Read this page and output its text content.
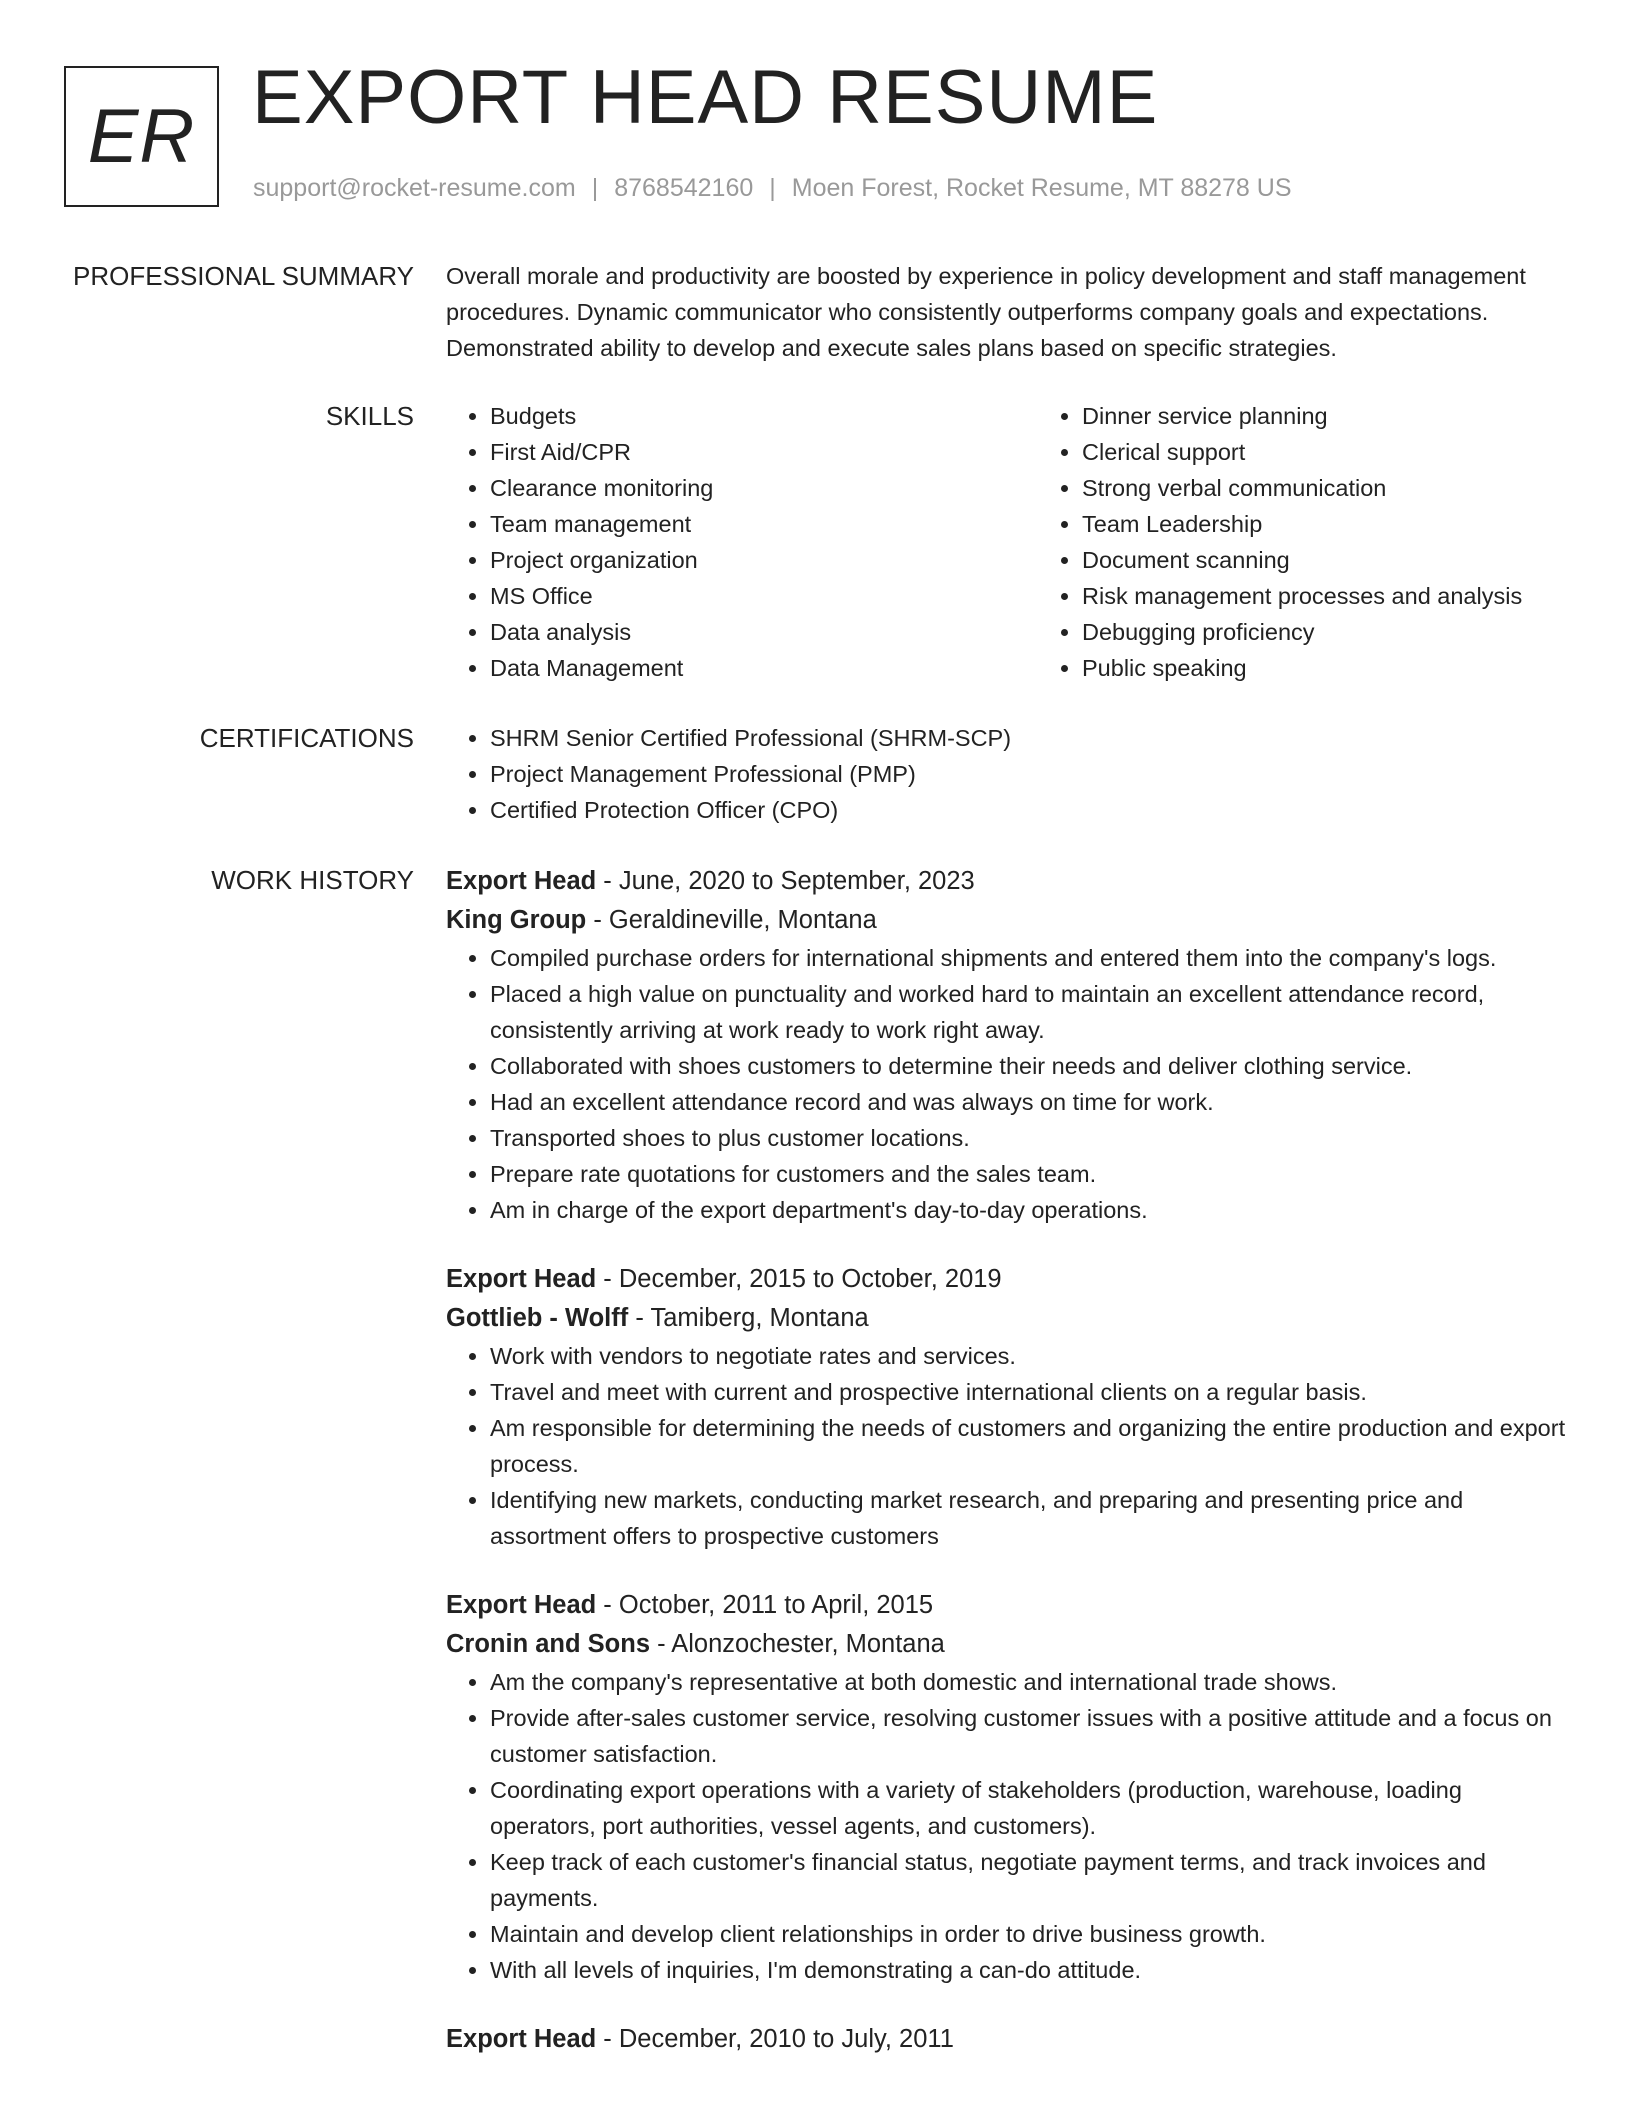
ER EXPORT HEAD RESUME
support@rocket-resume.com | 8768542160 | Moen Forest, Rocket Resume, MT 88278 US
PROFESSIONAL SUMMARY Overall morale and productivity are boosted by experience in policy development and staff management procedures. Dynamic communicator who consistently outperforms company goals and expectations. Demonstrated ability to develop and execute sales plans based on specific strategies.
SKILLS	• Budgets
• First Aid/CPR
• Clearance monitoring
• Team management
• Project organization
• MS Office
• Data analysis
• Data Management
• Dinner service planning
• Clerical support
• Strong verbal communication
• Team Leadership
• Document scanning
• Risk management processes and analysis
• Debugging proficiency
• Public speaking
CERTIFICATIONS	• SHRM Senior Certified Professional (SHRM-SCP)
• Project Management Professional (PMP)
• Certified Protection Officer (CPO)
WORK HISTORY Export Head - June, 2020 to September, 2023
King Group - Geraldineville, Montana
• Compiled purchase orders for international shipments and entered them into the company's logs.
• Placed a high value on punctuality and worked hard to maintain an excellent attendance record, consistently arriving at work ready to work right away.
• Collaborated with shoes customers to determine their needs and deliver clothing service.
• Had an excellent attendance record and was always on time for work.
• Transported shoes to plus customer locations.
• Prepare rate quotations for customers and the sales team.
• Am in charge of the export department's day-to-day operations.
Export Head - December, 2015 to October, 2019
Gottlieb - Wolff - Tamiberg, Montana
• Work with vendors to negotiate rates and services.
• Travel and meet with current and prospective international clients on a regular basis.
• Am responsible for determining the needs of customers and organizing the entire production and export process.
• Identifying new markets, conducting market research, and preparing and presenting price and assortment offers to prospective customers
Export Head - October, 2011 to April, 2015
Cronin and Sons - Alonzochester, Montana
• Am the company's representative at both domestic and international trade shows.
• Provide after-sales customer service, resolving customer issues with a positive attitude and a focus on customer satisfaction.
• Coordinating export operations with a variety of stakeholders (production, warehouse, loading operators, port authorities, vessel agents, and customers).
• Keep track of each customer's financial status, negotiate payment terms, and track invoices and payments.
• Maintain and develop client relationships in order to drive business growth.
• With all levels of inquiries, I'm demonstrating a can-do attitude.
Export Head - December, 2010 to July, 2011
